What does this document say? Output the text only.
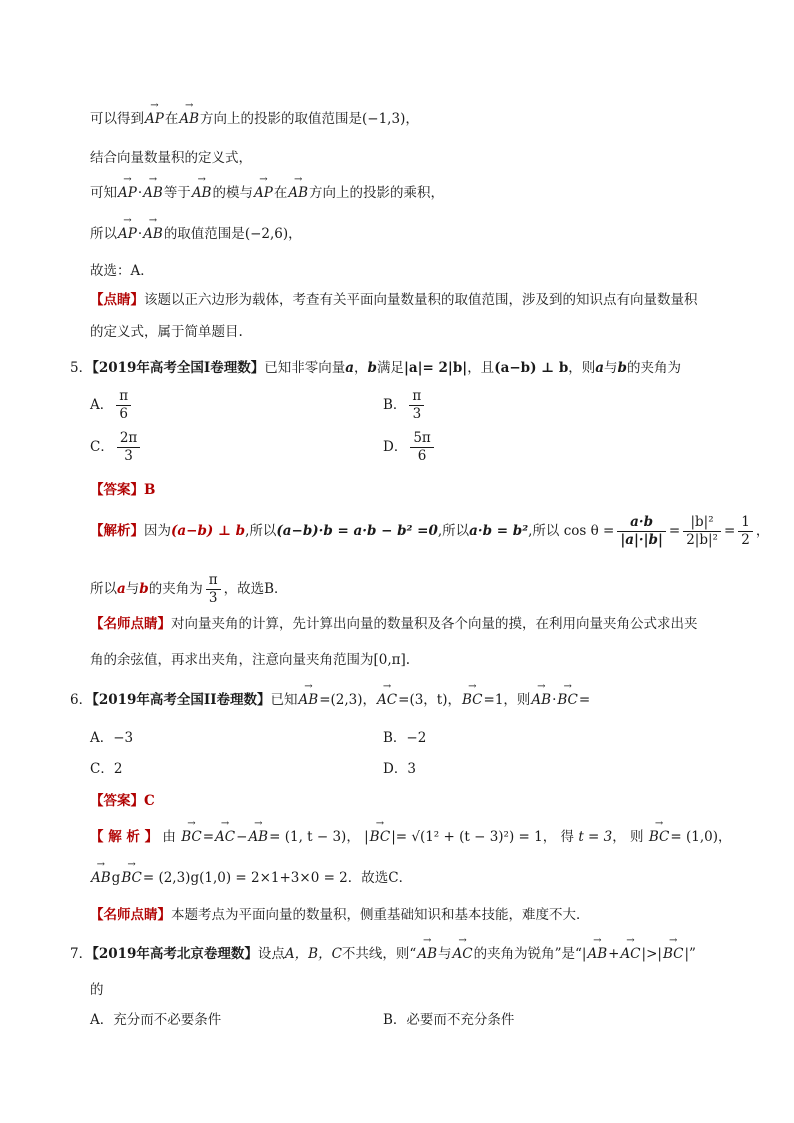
可以得到→ AP在→ AB方向上的投影的取值范围是(−1,3)，
结合向量数量积的定义式，
可知→ AP·→ AB等于→ AB的模与→ AP在→ AB方向上的投影的乘积，
所以→ AP·→ AB的取值范围是(−2,6)，
故选：A．
【点睛】该题以正六边形为载体，考查有关平面向量数量积的取值范围，涉及到的知识点有向量数量积
的定义式，属于简单题目.
5．【2019年高考全国I卷理数】已知非零向量a，b满足|a|= 2|b|，且(a−b) ⊥ b，则a与b的夹角为
A． $\frac{\pi}{6}$	B． $\frac{\pi}{3}$
C． $\frac{2\pi}{3}$	D． $\frac{5\pi}{6}$
【答案】B
【解析】因为(a−b) ⊥ b,所以(a−b)·b = a·b − b² =0,所以a·b = b²,所以 $\cos \theta = \frac{a\cdot b}{|a|\cdot|b|} = \frac{\text{|b|²}}{\text{2|b|²}} = \frac{1}{2}$ ，
所以a与b的夹角为 $\frac{\pi}{3}$ ，故选B．
【名师点睛】对向量夹角的计算，先计算出向量的数量积及各个向量的摸，在利用向量夹角公式求出夹
角的余弦值，再求出夹角，注意向量夹角范围为[0,π].
6．【2019年高考全国II卷理数】已知→ AB=(2,3)，→ AC=(3，t)，→ BC=1，则→ AB·→ BC=
A．−3	B．−2
C．2	D．3
【答案】C
【 解 析 】 由 → BC=→ AC−→ AB= (1, t − 3)， |→ BC|= √(1² + (t − 3)²) = 1， 得 t = 3， 则 → BC= (1,0)，
→ ABg→ BC= (2,3)g(1,0) = 2×1+3×0 = 2．故选C．
【名师点睛】本题考点为平面向量的数量积，侧重基础知识和基本技能，难度不大．
7．【2019年高考北京卷理数】设点A，B，C不共线，则“→ AB与→ AC的夹角为锐角”是“|→ AB+→ AC|>|→ BC|”
的
A．充分而不必要条件	B．必要而不充分条件
